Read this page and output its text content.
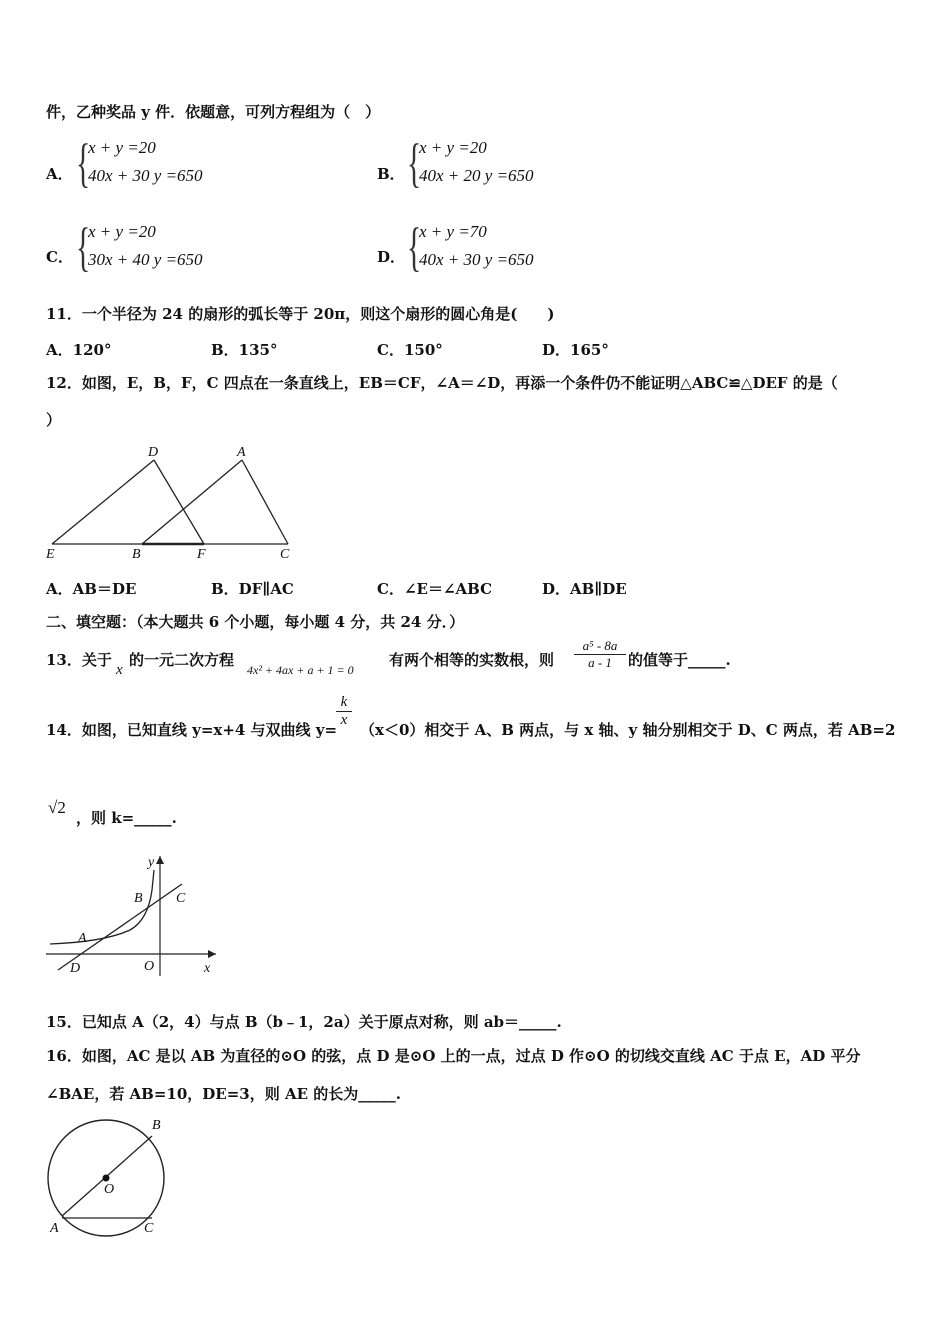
件，乙种奖品 y 件．依题意，可列方程组为（　）
A． {
x + y =20
40x + 30 y =650	B． {
x + y =20
40x + 20 y =650
C． {
x + y =20
30x + 40 y =650	D． {
x + y =70
40x + 30 y =650
11．一个半径为 24 的扇形的弧长等于 20π，则这个扇形的圆心角是(　　)
A．120°	B．135°	C．150°	D．165°
12．如图，E，B，F，C 四点在一条直线上，EB＝CF，∠A＝∠D，再添一个条件仍不能证明△ABC≌△DEF 的是（
）
D	A
E	B	F	C
A．AB＝DE	B．DF∥AC	C．∠E＝∠ABC	D．AB∥DE
二、填空题：（本大题共 6 个小题，每小题 4 分，共 24 分．）
13．关于
x
的一元二次方程
4x² + 4ax + a + 1 = 0
有两个相等的实数根，则
a⁵ - 8a
a - 1	的值等于_____.
14．如图，已知直线 y=x+4 与双曲线 y=
k
x
（x＜0）相交于 A、B 两点，与 x 轴、y 轴分别相交于 D、C 两点，若 AB=2
√2
，则 k=_____.
y
B C
A
D	O	x
15．已知点 A（2，4）与点 B（b﹣1，2a）关于原点对称，则 ab＝_____.
16．如图，AC 是以 AB 为直径的⊙O 的弦，点 D 是⊙O 上的一点，过点 D 作⊙O 的切线交直线 AC 于点 E，AD 平分
∠BAE，若 AB=10，DE=3，则 AE 的长为_____.
B
O
A	C
